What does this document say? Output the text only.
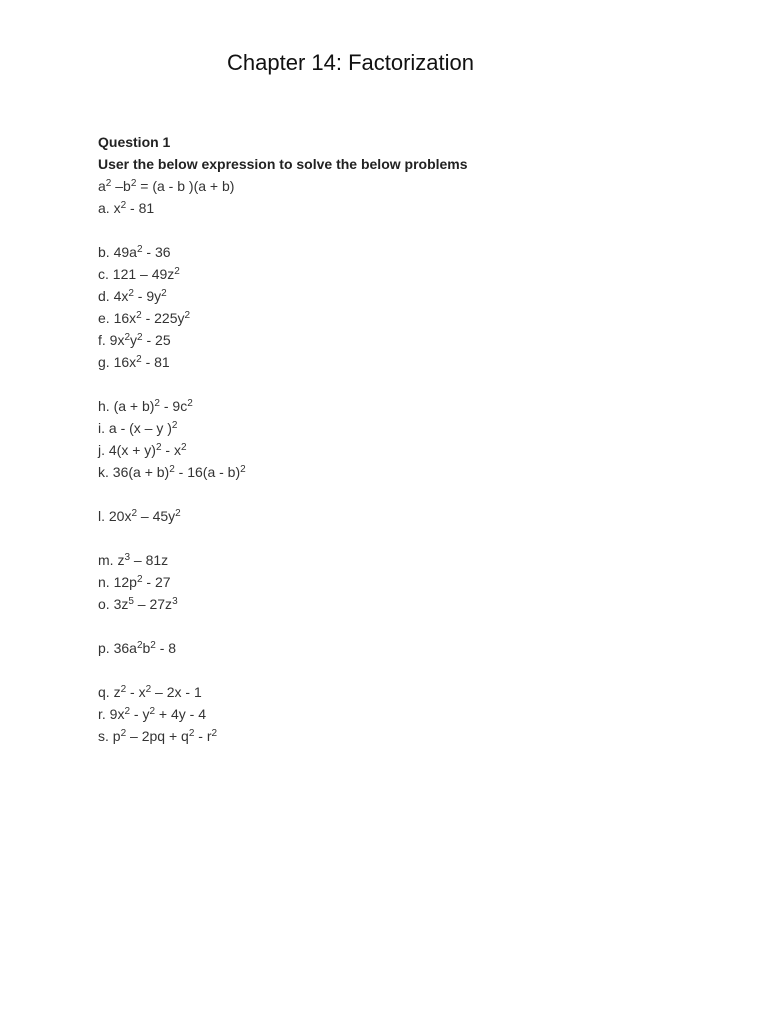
Chapter 14: Factorization
Question 1
User the below expression to solve the below problems
$a^2$ $-b^2 = (a - b$ )(a + b)
a. $x^2 - 81$
b. $49a^2 - 36$
c. $121 - 49z^2$
d. $4x^2 - 9y^2$
e. $16x^2 - 225y^2$
f. $9x^2y^2 - 25$
g. $16x^2 - 81$
h. $(a + b)^2 - 9c^2$
i. a - (x – y )$^2$
j. $4(x + y)^2 - x^2$
k. $36(a + b)^2 - 16(a - b)^2$
l. $20x^2 - 45y^2$
m. $z^3 - 81z$
n. $12p^2 - 27$
o. $3z^5 - 27z^3$
p. $36a^2b^2 - 8$
q. $z^2 - x^2 - 2x - 1$
r. $9x^2 - y^2 + 4y - 4$
s. $p^2 - 2pq + q^2 - r^2$
